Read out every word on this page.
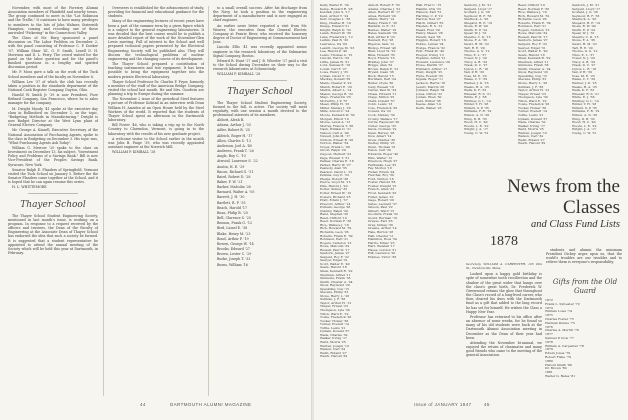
November, with most of the Forestry Alumni Association members of Plainfield and nearby towns. The group continued to meet in the "Lot Robinson and the Trellis." It continues to have many privileges to members to the lots of John Walmer, Sixteenth Hampton, coming and recording one of these unrivaled "Pickering" in the Connecticut Valley.

The Class of Mr. Burg sponsored a panel discussion on The Labor Problem on December 2, with the panel consisting of Professor C. P. Doeker '07, William Shaw '41, G. F. Smith, Lenell D. H. Morrison and D. L. Perry. The crowd waited for the panel on the labor question and for the panel's finished questions in a lengthy and spirited discussion period.

Mr. P. Moss gave a talk on the work of the Tuck School members and of the faculty on November 6.

William Lee '37 of which the club has recently taken a position in the standards department of the National Cash Register Company, Dayton, Ohio.

Harold W. Smith Jr '39 is now President, Pure Refined Company, San Francisco, where he is sales manager for the company.

M. Dwight Moody '41 spoke at the executive day class in Rollinsford on December 2, on the topic, "Budgeting Methods in Manufacturing." Dwight is now Budget Director at the West Lynn plant of General Electric Company.

Mr. George A. Kinsell, Executive Secretary of the National Association of Purchasing Agents, spoke to the class in Budgeting on December 3. His topic was, "What Purchasing Agents Ask Today".

William G. Merrow '20 spoke to the class on Investment on December 13, his subject, "Investment Policy and Problems of a Savings Bank." Bill is now Vice-President of the Peoples Savings Bank, Syracuse, New York.

Senator Ralph E. Flanders of Springfield, Vermont visited the Tuck School on January 5. Before the the Senator Flanders came together at the School, and it is hoped that he can again resume this series.

H. L. WHITTEMORE

Thayer School

The Thayer School Student Engineering Society, mentioned in last month's issue, is working on a program. In response to a request received by the officers and trustees, the Dean of the Faculty of Engineering at the Associate Dean of Thayer School has endorsed the idea that such a society be formed. It is suggested that a student representative be appointed to attend the annual meeting of the Society which will be held this year at Dartmouth, in February.

Overseers is established for the advancement of study, providing for financial and educational guidance for the students.

Many of the engineering lectures of recent years have been a part of the summer term by a given figure which is a subject to the general engineering laboratories. It was decided that the best course would be to publish a more detailed report of the work of the November-Glen Lewis meeting. Full of interest to the School and well prepared technical papers presented by the Electrical Engineering Society will be published also. They will discuss the technological problems of nuclear engineering and the changing course of its development.

The Thayer School prepared a contribution of teaching instruments and test equipment. It has been possible to bring the equipment together into the modern private Electrical laboratory.

Thayer School Professor Dr. Charles F. Pryor, formerly a member of the staff of the American Bridge Company, visited the school last month. He and Mrs. Goodwin are planning a trip to Europe during the summer.

The November 2 issue of the periodical Steel features a picture of Professor Kolstad in an interview with Dean William H. Amsden at an Open House held by the Steel Workers of the world. It reported that the students of Thayer School spent an afternoon in the Dartmouth laboratory.

Bill Foster '46, who is taking a trip up to the North Country to Clarendon, Vermont, is going in to the laboratory with the results of his new graduate project.

A welcome visitor to the School earlier in the month was John B. Paige '39, who was recently appointed assistant engineer at the Norwich Mill.

WILLIAM P. KIMBALL '28

to a small overall success. After his discharge from the Navy, he took a position in the engineering department of a manufacturer and is now engaged as chief engineer.

An earlier news letter reported a visit from Mr. Weaver, the executive from the General Electric Company at Prairie River, who received the honorary degree of Doctor of Engineering at Commencement last June.

Lincoln Ellis '41 was recently appointed senior engineer in the research laboratory of the Submarine Signal Company, Boston.

Edward B. Hunt '27 and J. B. Wheeler '27 paid a visit to the School during December on their way to the research laboratories at Schenectady.

WILLIAM P. KIMBALL '28

Thayer School

The Thayer School Student Engineering Society, formed in the fall, is active. The society will meet regularly, with one session a month devoted to the professional interests of its members.

Abbott, Alvah R.

Adams, Arthur J. '03

Adler, Robert B. '25

Aldrich, Roger H. '17

Allen, Charles S. '13

Anderson, Joel A. '40

Andrews, Frank T. '26

Angle, Roy C. '10

Atwood, Laurence S. '22

Austin, H. E. '29

Bacon, Richard G. '31

Baird, Robert D. '28

Baker, F. W. '21

Barker, Malcolm '26

Barnard, Walter A. '05

Barrett, J. H. '30

Bartlett, R. F. '35

Beach, Harold '17

Bean, Philip B. '20

Bell, Clarence S. '25

Benson, Frank G. '12

Bird, Lionel E. '38

Blake, Henry M. '23

Bond, Arthur P. '19

Bowen, George W. '14

Brooks, Edward '27

Brown, Lester C. '29

Burke, Joseph T. '33

Burns, William '16

44	DARTMOUTH ALUMNI MAGAZINE
Kelly, Walter E. '30
Kemp, Howard R. '28
Kendall, John S. '17
Kent, Arthur T. '24
Kerr, Douglas L. '36
King, Charles H. '19
Knapp, Edward '21
Knight, Ralph D. '33
Lamb, Robert W. '38
Lane, Frederick J. '12
Larkin, Paul B. '26
Lawrence, Ira '09
Leavitt, George M. '23
Lee, Harold P. '40
Lewis, Thomas A. '15
Lincoln, Earl S. '29
Little, James W. '31
Lord, Samuel E. '18
Lovell, Carl F. '27
Lowe, Henry J. '35
Lyman, Oscar T. '11
MacKay, Donald '39
Mann, Chester P. '22
Marsh, Robert E. '20
Martin, Albert L. '14
Mason, George R. '32
Mayo, Frederick '25
McCarthy, J. P. '37
Mead, Philip H. '16
Miller, Stanley J. '28
Mills, Arnold C. '24
Moore, Kenneth W. '30
Morgan, Elliott '19
Morse, Lewis A. '13
Murray, Francis T. '36
Nash, William D. '21
Nelson, Carl A. '40
Newell, John M. '17
Nichols, Ernest B. '26
Norton, Walter '34
Noyes, Frank L. '09
Olcott, Ralph '29
Osgood, Herbert '22
Page, Russell T. '31
Palmer, Charles E. '18
Parker, Harry W. '27
Peabody, Alan '35
Pearson, David L. '12
Perkins, Guy E. '23
Phelps, Robert '38
Pierce, Lloyd M. '15
Pike, Harold J. '20
Porter, Sidney '33
Potter, Ernest W. '10
Powers, Richard '25
Pratt, Edwin J. '37
Prescott, Arthur '14
Putnam, George '28
Quimby, Ralph '24
Rand, Stephen '30
Read, Clifford '19
Reed, Norman F. '36
Rice, Wallace J. '16
Rich, Howard M. '32
Richards, Leon '26
Roberts, Frank E. '39
Robinson, Earl '21
Rogers, Carleton '13
Rowe, Malcolm '34
Russell, Paul W. '17
Sanborn, James '27
Sargent, Roy F. '22
Sawyer, Edgar '31
Scott, Walter E. '40
Sears, Harold '18
Shaw, Kenneth R. '29
Sherman, Alfred '11
Simmons, Frank '35
Smith, Chester A. '24
Snow, Raymond '20
Spaulding, Guy '15
Stevens, Philip '33
Stone, Harry L. '28
Sullivan, J. F. '38
Taylor, Arthur H. '12
Thayer, Ernest '23
Thompson, Lyle '30
Tilton, Ward E. '19
Towle, Frederick '26
Tucker, Homer '36
Turner, Everett '14
Tuttle, Lewis '21
Upham, Donald '37
Wade, Charles '32
Walker, Irving '17
Ward, Morris '25
Warren, Joseph '10
Watson, Carl '34
Webb, Roland '27
Welch, Harold '39
Abbott, Robert F. '33
Adams, Charles J. '22
Allen, Herbert W. '17
Ames, Richard '29
Atkins, Harry '14
Bailey, Frank T. '26
Baldwin, G. E. '31
Barnes, Walter '19
Bates, Kenneth '36
Bell, Arthur P. '23
Bennett, Roy '28
Bigelow, Sam '12
Bishop, Ernest '40
Blair, Lloyd W. '20
Bliss, Howard '35
Boyd, Francis '16
Bradley, John '27
Briggs, Alan '32
Brown, Ralph E. '21
Bryant, Dean '38
Buck, Harold '15
Burnham, Earl '24
Butler, Clyde '30
Cady, Russell '18
Carter, Paul W. '34
Chase, Edward '11
Clapp, Milton '25
Clark, Donald '37
Cobb, Lewis '13
Cole, Frederick '29
Conant, Ira '22
Cook, Stanley '39
Crosby, Wallace '17
Curtis, Raymond '26
Cutler, George '33
Davis, Norman '19
Dean, Harvey '28
Dow, Albert '14
Drew, Charles '36
Dudley, Philip '23
Dunn, Thomas '31
Eaton, Carl '20
Edwards, Roger '40
Ellis, Walter '12
Emerson, Hugh '27
Fairbanks, Lee '35
Fay, Morton '18
Fisher, Edwin '24
Fletcher, Roy '30
Ford, Clinton '16
Foster, Harold '38
Fowler, Dwight '21
French, Allen '33
Frost, Kenneth '25
Fuller, James '10
Gage, Robert '29
Gates, Leonard '37
Gibson, Paul '22
Gilbert, Ward '15
Goodwin, Frank '32
Gould, Herman '19
Graves, Earl '26
Gray, Sidney '39
Greene, Arthur '14
Hale, Burton '28
Hall, Chester '11
Hamilton, Ross '34
Harris, Elmer '23
Hart, Wendell '17
Hayes, Gordon '31
Hill, Laurence '20
Holmes, Victor '36
Hall, Fred C. '15
Hamlin, Otis '23
Hanson, Earl '31
Harding, C. P. '19
Harlow, Ned '27
Hatch, Gilbert '35
Hayden, R. S. '12
Heald, Fred '20
Henry, Mason '28
Hewitt, Saul '36
Higgins, Robert '16
Hobbs, Lyman '24
Hodge, Francis '32
Holt, Frank M. '40
Hooper, Irving '13
Hopkins, Alfred '21
Howard, Laurence '29
Howe, Merrill '37
Hubbard, Arthur '17
Hunt, Dwight '25
Hyde, Everett '33
Ingalls, Roger '11
Jackson, Harris '18
Jewett, Marvin '26
Johnson, Ralph '34
Jones, Clifton '22
Jordan, Eben '30
Judd, Wilbur '38
Keene, Allan '14
Keith, Walter '23
Sanborn, J. M. '21
Sargent, Lloyd '17
Scofield, J. G. '28
Seymour, B. F. '33
Shattuck, A. '26
Shepard, H. E. '19
Sloan, R. W. '40
Smith, E. P. '24
Spear, W. J. '31
Stearns, C. D. '15
Stone, F. A. '36
Swett, H. M. '22
Taft, R. E. '29
Thorne, G. S. '12
Titus, E. L. '37
Tower, N. J. '20
Tracy, A. B. '34
Trask, D. C. '27
Upton, L. R. '18
Vail, P. H. '30
Vose, M. E. '23
Wales, C. T. '39
Warner, J. D. '16
Weeks, H. A. '25
Wells, K. F. '32
Wheeler, R. S. '21
White, E. J. '38
Whitney, G. L. '14
Wilder, T. H. '28
Willard, S. P. '35
Williams, F. R. '19
Wilson, A. N. '26
Wing, D. B. '33
Wood, H. C. '40
Woods, L. E. '22
Wright, J. A. '17
Young, C. W. '31
Read, Clifford '19
Reed, Norman F. '36
Rice, Wallace J. '16
Rich, Howard M. '32
Richards, Leon '26
Roberts, Frank E. '39
Robinson, Earl '21
Rogers, Carleton '13
Rowe, Malcolm '34
Russell, Paul W. '17
Sanborn, James '27
Sargent, Roy F. '22
Sawyer, Edgar '31
Scott, Walter E. '40
Sears, Harold '18
Shaw, Kenneth R. '29
Sherman, Alfred '11
Simmons, Frank '35
Smith, Chester A. '24
Snow, Raymond '20
Spaulding, Guy '15
Stevens, Philip '33
Stone, Harry L. '28
Sullivan, J. F. '38
Taylor, Arthur H. '12
Thayer, Ernest '23
Thompson, Lyle '30
Tilton, Ward E. '19
Towle, Frederick '26
Tucker, Homer '36
Turner, Everett '14
Tuttle, Lewis '21
Upham, Donald '37
Wade, Charles '32
Walker, Irving '17
Ward, Morris '25
Warren, Joseph '10
Watson, Carl '34
Webb, Roland '27
Welch, Harold '39
Sanborn, J. M. '21
Sargent, Lloyd '17
Scofield, J. G. '28
Seymour, B. F. '33
Shattuck, A. '26
Shepard, H. E. '19
Sloan, R. W. '40
Smith, E. P. '24
Spear, W. J. '31
Stearns, C. D. '15
Stone, F. A. '36
Swett, H. M. '22
Taft, R. E. '29
Thorne, G. S. '12
Titus, E. L. '37
Tower, N. J. '20
Tracy, A. B. '34
Trask, D. C. '27
Upton, L. R. '18
Vail, P. H. '30
Vose, M. E. '23
Wales, C. T. '39
Warner, J. D. '16
Weeks, H. A. '25
Wells, K. F. '32
Wheeler, R. S. '21
White, E. J. '38
Whitney, G. L. '14
Wilder, T. H. '28
Willard, S. P. '35
Williams, F. R. '19
Wilson, A. N. '26
Wing, D. B. '33
Wood, H. C. '40
Woods, L. E. '22
Wright, J. A. '17
Young, C. W. '31
Secretary, WILLIAM A. CARPENTER, 125 Otis St., Newtonville, Mass.

Looked upon a happy gold birthday is spite of somewhat tooth recollection and the shadow of the great wider that hangs over the class's great birth, Dr. Frederick W. Greenwood retains the glow that throughout the Class's record of a long-lived career, who then cleared his dues with the Dartmouth fund as a gift that added to the long record he has set for himself. He wishes the Class a Happy New Year.

Professor has returned to his office after an absence of some weeks, for he found so many of his old students were back at the Dartmouth Alumni Association meeting in December as the Dean of their year had been.

Attending the November bi-annual, we enjoyed the return of classmates and many good friends who came to the meeting of the general Association.

students and alumni the minimum President Dickey urges upon us, that the world's troubles are our troubles and to relieve them is everyone's responsibility.

Issue of JANUARY 1947	45
News from the Classes
and Class Fund Lists
1878
Gifts from the Old Guard
1872
Frank L. Sylvester '72
1874
William Lowe '74
1875
Charles Foster '75
Herman Dunne '75
1876
Charles A. Merrill '76
1877
Samuel P. Dow '77
1878
William A. Carpenter '78
1879
Edwin Jones '79
Robert Fiske '79
1880
Harold Smith '80
Dr. Brown '80
1881
Walter G. Bates '81
